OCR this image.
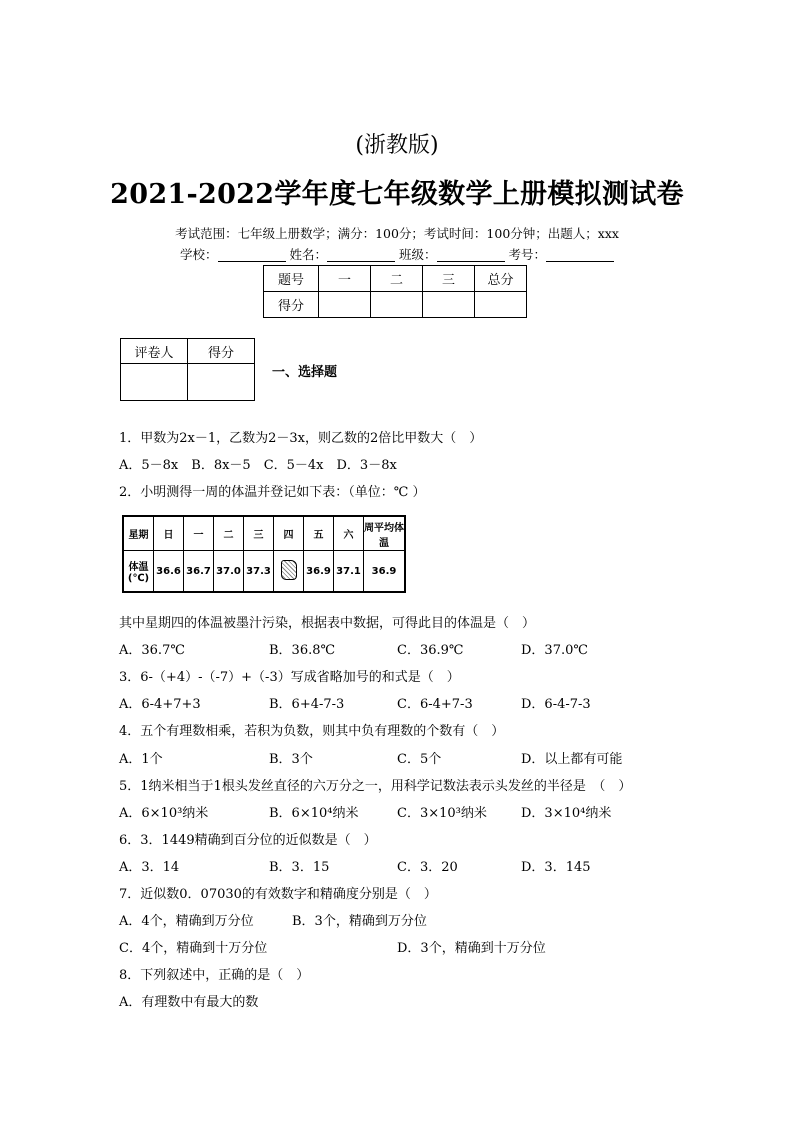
(浙教版)
2021-2022学年度七年级数学上册模拟测试卷
考试范围：七年级上册数学；满分：100分；考试时间：100分钟；出题人；xxx
学校：	姓名：	班级：	考号：
题号	一	二	三	总分
得分				
评卷人	得分

一、选择题
1．甲数为2x－1，乙数为2－3x，则乙数的2倍比甲数大（　）
A．5－8x　B．8x－5　C．5－4x　D．3－8x
2．小明测得一周的体温并登记如下表：（单位：℃ ）
星期	日	一	二	三	四	五	六	周平均体温
体温(℃)	36.6	36.7	37.0	37.3		36.9	37.1	36.9
其中星期四的体温被墨汁污染，根据表中数据，可得此目的体温是（　）
A．36.7℃	B．36.8℃	C．36.9℃	D．37.0℃
3．6-（+4）-（-7）+（-3）写成省略加号的和式是（　）
A．6-4+7+3	B．6+4-7-3	C．6-4+7-3	D．6-4-7-3
4．五个有理数相乘，若积为负数，则其中负有理数的个数有（　）
A．1个	B．3个	C．5个	D．以上都有可能
5．1纳米相当于1根头发丝直径的六万分之一，用科学记数法表示头发丝的半径是　（　）
A．6×10³纳米	B．6×10⁴纳米	C．3×10³纳米	D．3×10⁴纳米
6．3．1449精确到百分位的近似数是（　）
A．3．14	B．3．15	C．3．20	D．3．145
7．近似数0．07030的有效数字和精确度分别是（　）
A．4个，精确到万分位	B．3个，精确到万分位
C．4个，精确到十万分位	D．3个，精确到十万分位
8．下列叙述中，正确的是（　）
A．有理数中有最大的数
